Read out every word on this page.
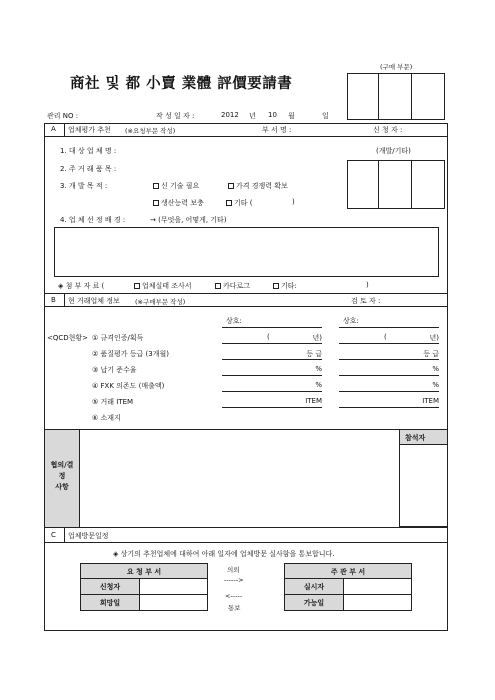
商社 및 都 小賣 業體 評價要請書
(구매 부문)
관리 NO :	작 성 일 자 :	2012 년 10 월	일
A 업체평가 추천 (※요청부문 작성)	부 서 명 :	신 청 자 :
1. 대 상 업 체 명 :	(개발/기타)
2. 주 거 래 품 목 :
3. 개 발 목 적 :	신 기술 필요	가격 경쟁력 확보
생산능력 보충	기타 (	)
4. 업 체 선 정 배 경 :	→ (무엇을, 어떻게, 기타)
◈ 첨 부 자 료 (	업체실태 조사서	카다로그	기타:	)
B 현 거래업체 정보 (※구매부문 작성)	검 토 자 :
상호:	상호:
<QCD현황> ① 규격인증/획득	(	년)	(	년)
② 품질평가 등급 (3개월)	등 급	등 급
③ 납기 준수율	%	%
④ FXK 의존도 (매출액)	%	%
⑤ 거래 ITEM	ITEM	ITEM
⑥ 소재지
협의/결
정
사항
참석자
C 업체방문일정
◈ 상기의 추천업체에 대하여 아래 일자에 업체방문 실사함을 통보합니다.
요 청 부 서
신청자
희망일
의뢰
------>
<-----
통보
주 관 부 서
실시자
가능일
